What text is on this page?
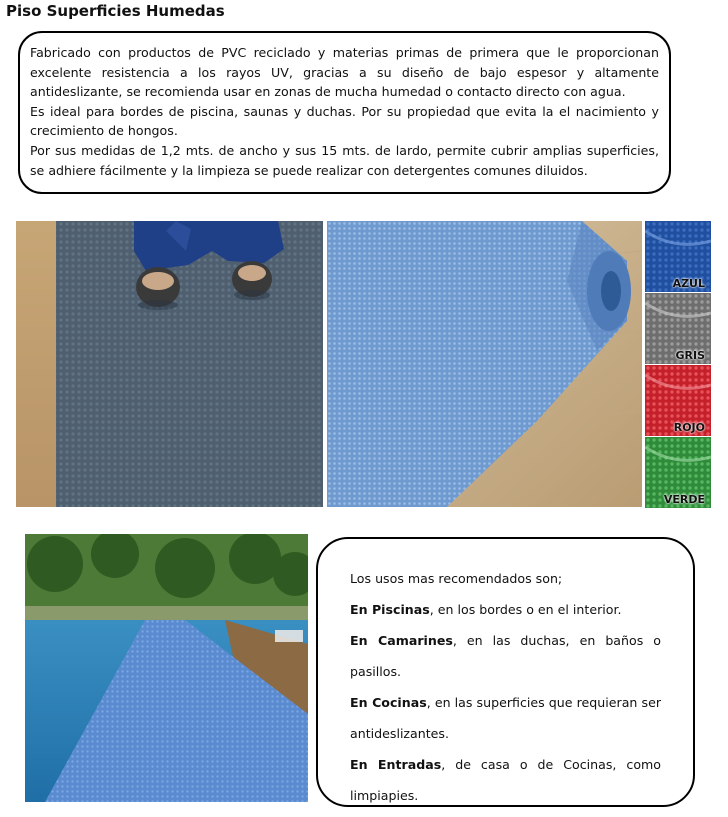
Piso Superficies Humedas

Fabricado con productos de PVC reciclado y materias primas de primera que le proporcionan excelente resistencia a los rayos UV, gracias a su diseño de bajo espesor y altamente antideslizante, se recomienda usar en zonas de mucha humedad o contacto directo con agua.

Es ideal para bordes de piscina, saunas y duchas. Por su propiedad que evita la el nacimiento y crecimiento de hongos.

Por sus medidas de 1,2 mts. de ancho y sus 15 mts. de lardo, permite cubrir amplias superficies, se adhiere fácilmente y la limpieza se puede realizar con detergentes comunes diluidos.

AZUL
GRIS
ROJO
VERDE

Los usos mas recomendados son;

En Piscinas, en los bordes o en el interior.

En Camarines, en las duchas, en baños o pasillos.

En Cocinas, en las superficies que requieran ser antideslizantes.

En Entradas, de casa o de Cocinas, como limpiapies.
